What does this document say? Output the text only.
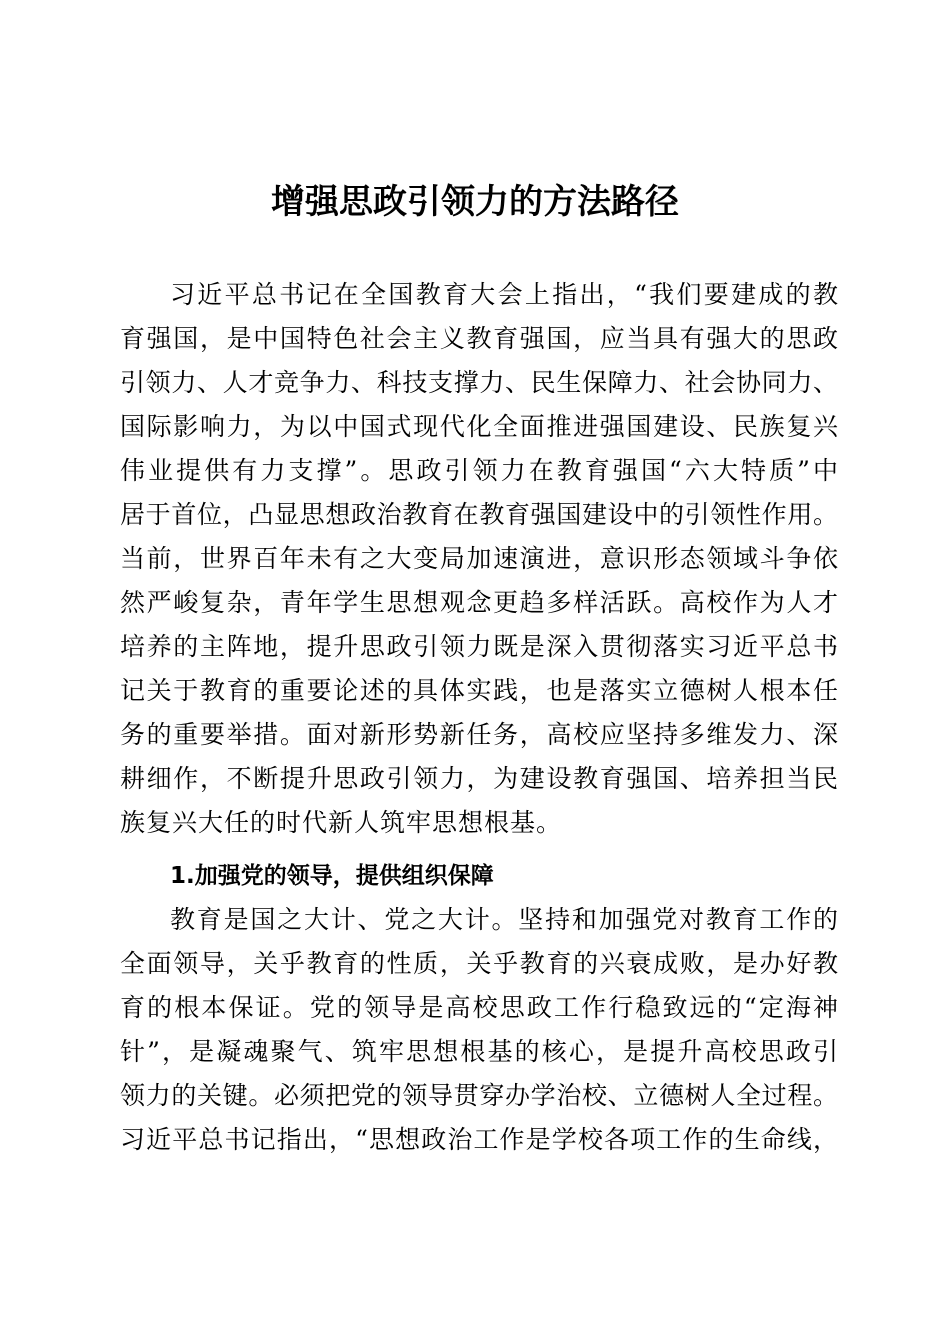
增强思政引领力的方法路径
习近平总书记在全国教育大会上指出，“我们要建成的教
育强国，是中国特色社会主义教育强国，应当具有强大的思政
引领力、人才竞争力、科技支撑力、民生保障力、社会协同力、
国际影响力，为以中国式现代化全面推进强国建设、民族复兴
伟业提供有力支撑”。思政引领力在教育强国“六大特质”中
居于首位，凸显思想政治教育在教育强国建设中的引领性作用。
当前，世界百年未有之大变局加速演进，意识形态领域斗争依
然严峻复杂，青年学生思想观念更趋多样活跃。高校作为人才
培养的主阵地，提升思政引领力既是深入贯彻落实习近平总书
记关于教育的重要论述的具体实践，也是落实立德树人根本任
务的重要举措。面对新形势新任务，高校应坚持多维发力、深
耕细作，不断提升思政引领力，为建设教育强国、培养担当民
族复兴大任的时代新人筑牢思想根基。
1.加强党的领导，提供组织保障
教育是国之大计、党之大计。坚持和加强党对教育工作的
全面领导，关乎教育的性质，关乎教育的兴衰成败，是办好教
育的根本保证。党的领导是高校思政工作行稳致远的“定海神
针”，是凝魂聚气、筑牢思想根基的核心，是提升高校思政引
领力的关键。必须把党的领导贯穿办学治校、立德树人全过程。
习近平总书记指出，“思想政治工作是学校各项工作的生命线，
